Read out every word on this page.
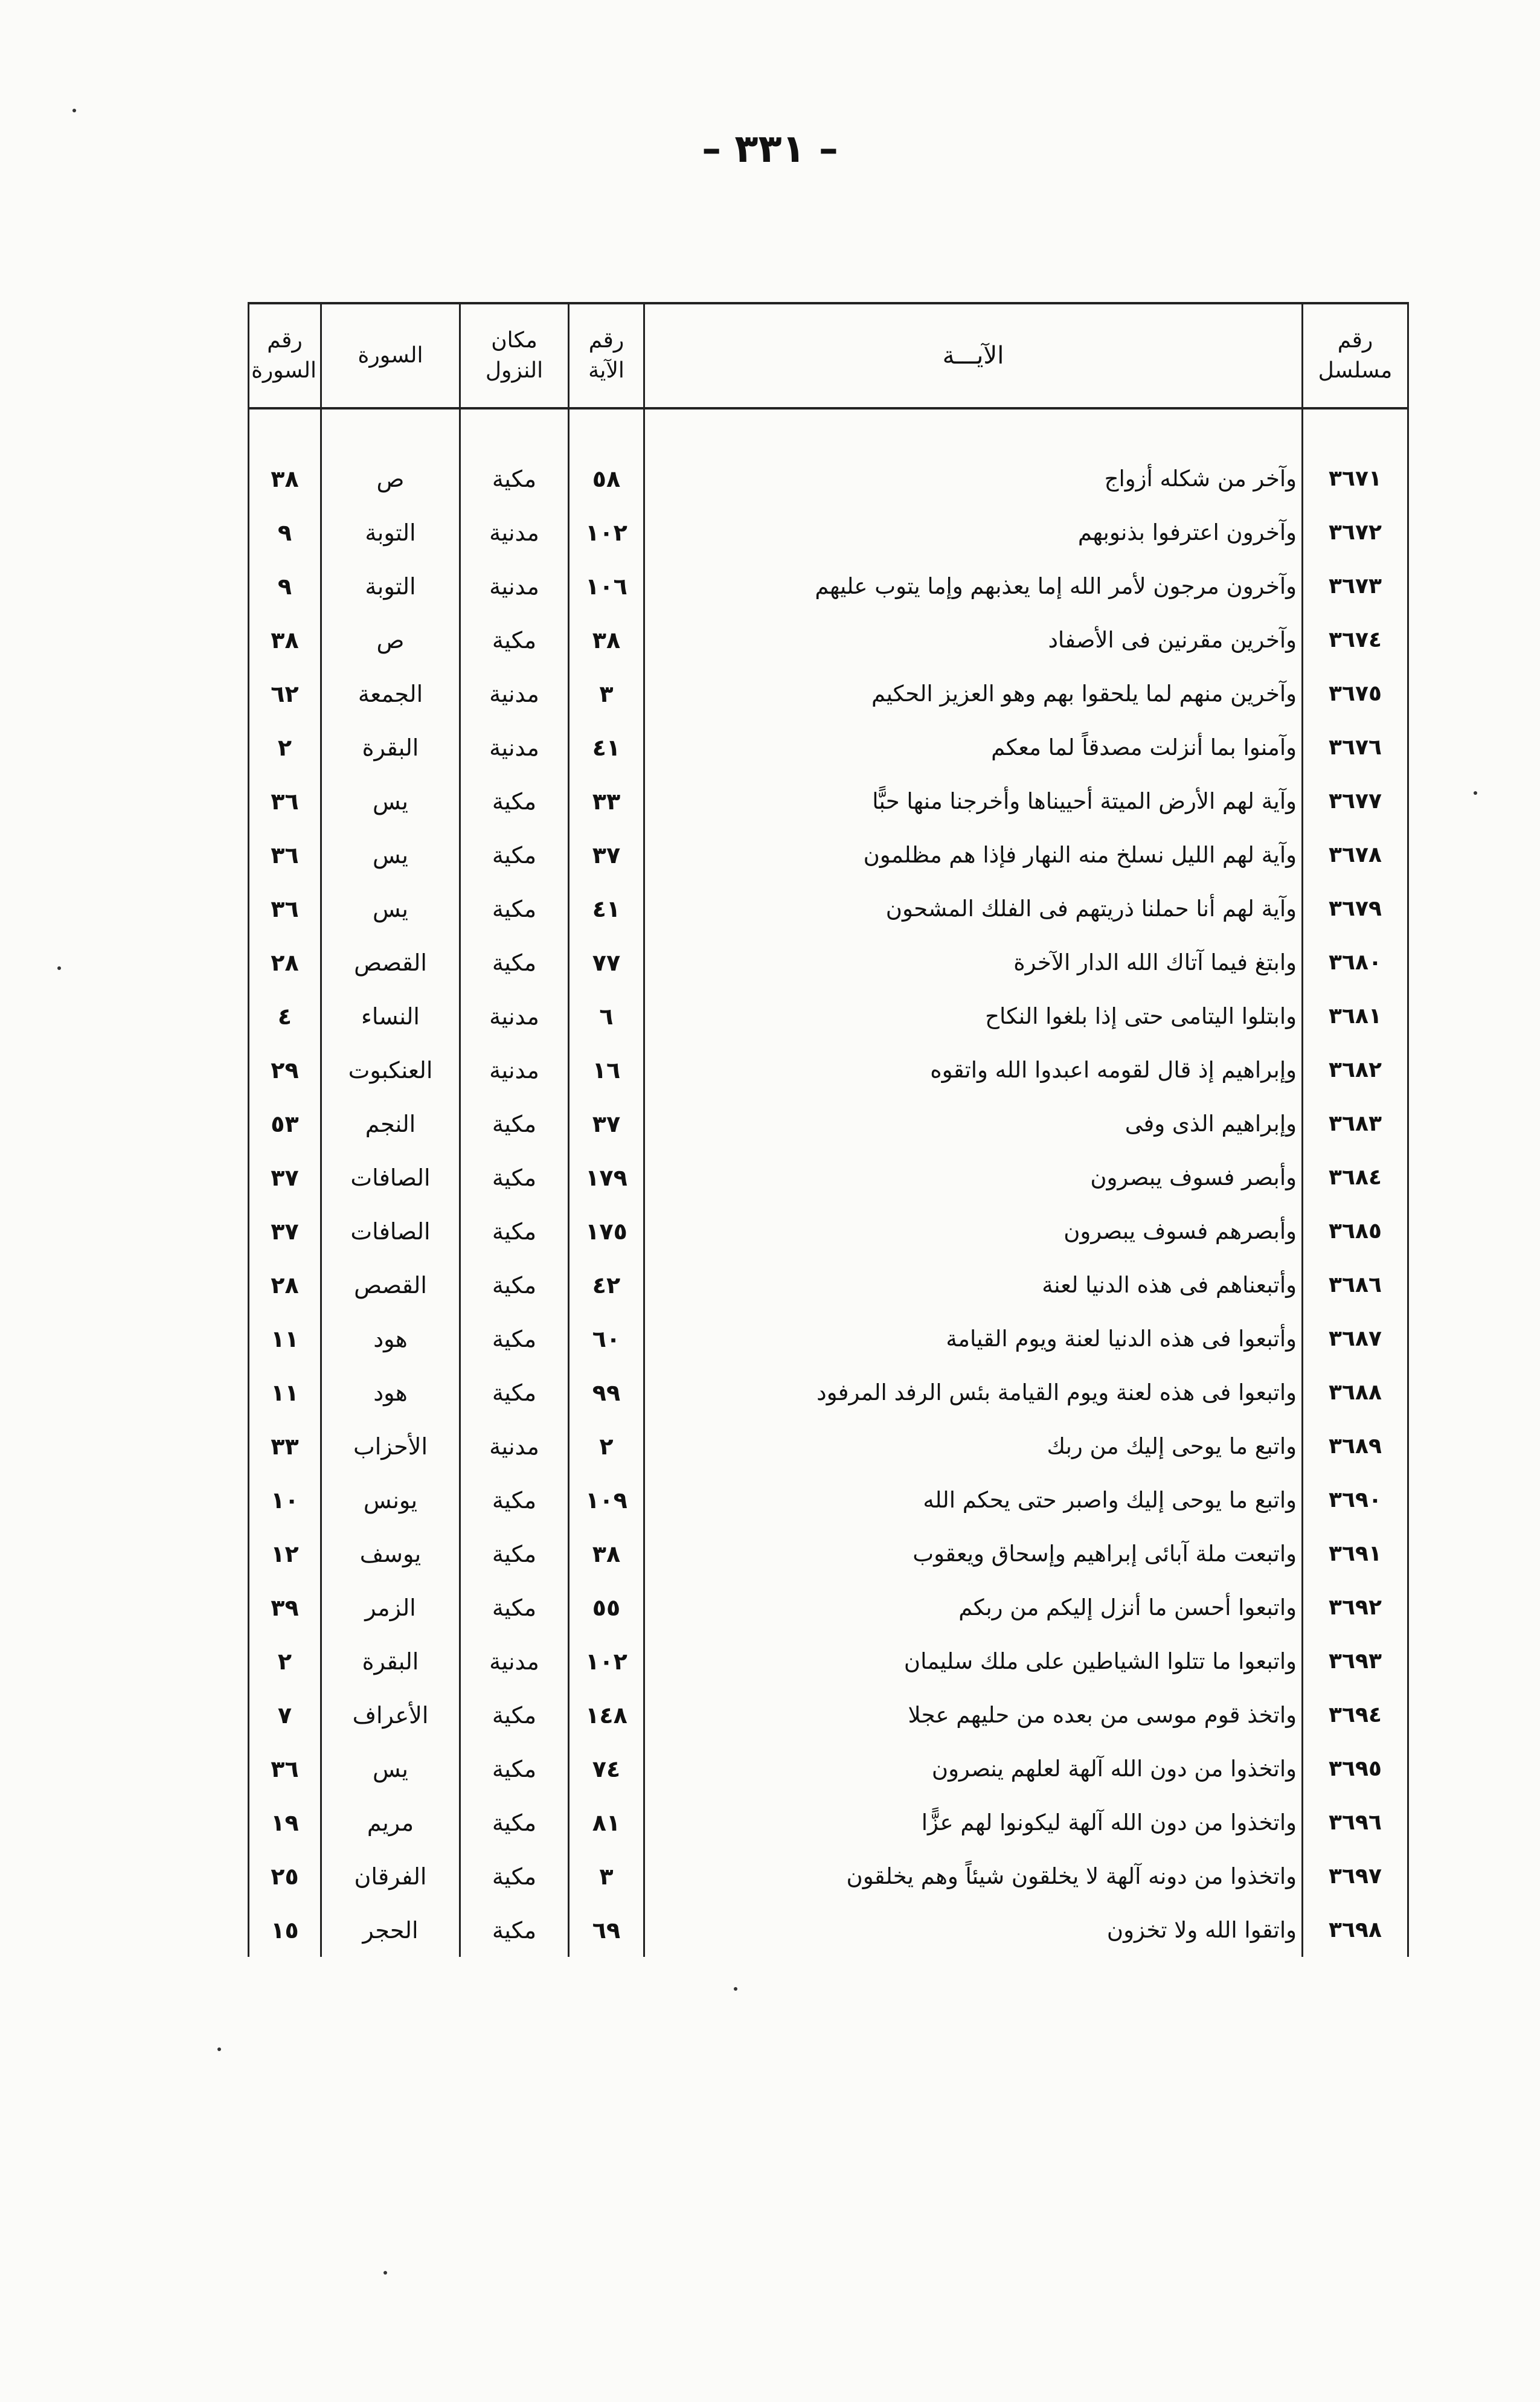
– ٣٣١ –
رقم مسلسل	الآيـــة	رقم الآية	مكان النزول	السورة	رقم السورة

٣٦٧١	وآخر من شكله أزواج	٥٨	مكية	ص	٣٨
٣٦٧٢	وآخرون اعترفوا بذنوبهم	١٠٢	مدنية	التوبة	٩
٣٦٧٣	وآخرون مرجون لأمر الله إما يعذبهم وإما يتوب عليهم	١٠٦	مدنية	التوبة	٩
٣٦٧٤	وآخرين مقرنين فى الأصفاد	٣٨	مكية	ص	٣٨
٣٦٧٥	وآخرين منهم لما يلحقوا بهم وهو العزيز الحكيم	٣	مدنية	الجمعة	٦٢
٣٦٧٦	وآمنوا بما أنزلت مصدقاً لما معكم	٤١	مدنية	البقرة	٢
٣٦٧٧	وآية لهم الأرض الميتة أحييناها وأخرجنا منها حبًّا	٣٣	مكية	يس	٣٦
٣٦٧٨	وآية لهم الليل نسلخ منه النهار فإذا هم مظلمون	٣٧	مكية	يس	٣٦
٣٦٧٩	وآية لهم أنا حملنا ذريتهم فى الفلك المشحون	٤١	مكية	يس	٣٦
٣٦٨٠	وابتغ فيما آتاك الله الدار الآخرة	٧٧	مكية	القصص	٢٨
٣٦٨١	وابتلوا اليتامى حتى إذا بلغوا النكاح	٦	مدنية	النساء	٤
٣٦٨٢	وإبراهيم إذ قال لقومه اعبدوا الله واتقوه	١٦	مدنية	العنكبوت	٢٩
٣٦٨٣	وإبراهيم الذى وفى	٣٧	مكية	النجم	٥٣
٣٦٨٤	وأبصر فسوف يبصرون	١٧٩	مكية	الصافات	٣٧
٣٦٨٥	وأبصرهم فسوف يبصرون	١٧٥	مكية	الصافات	٣٧
٣٦٨٦	وأتبعناهم فى هذه الدنيا لعنة	٤٢	مكية	القصص	٢٨
٣٦٨٧	وأتبعوا فى هذه الدنيا لعنة ويوم القيامة	٦٠	مكية	هود	١١
٣٦٨٨	واتبعوا فى هذه لعنة ويوم القيامة بئس الرفد المرفود	٩٩	مكية	هود	١١
٣٦٨٩	واتبع ما يوحى إليك من ربك	٢	مدنية	الأحزاب	٣٣
٣٦٩٠	واتبع ما يوحى إليك واصبر حتى يحكم الله	١٠٩	مكية	يونس	١٠
٣٦٩١	واتبعت ملة آبائى إبراهيم وإسحاق ويعقوب	٣٨	مكية	يوسف	١٢
٣٦٩٢	واتبعوا أحسن ما أنزل إليكم من ربكم	٥٥	مكية	الزمر	٣٩
٣٦٩٣	واتبعوا ما تتلوا الشياطين على ملك سليمان	١٠٢	مدنية	البقرة	٢
٣٦٩٤	واتخذ قوم موسى من بعده من حليهم عجلا	١٤٨	مكية	الأعراف	٧
٣٦٩٥	واتخذوا من دون الله آلهة لعلهم ينصرون	٧٤	مكية	يس	٣٦
٣٦٩٦	واتخذوا من دون الله آلهة ليكونوا لهم عزًّا	٨١	مكية	مريم	١٩
٣٦٩٧	واتخذوا من دونه آلهة لا يخلقون شيئاً وهم يخلقون	٣	مكية	الفرقان	٢٥
٣٦٩٨	واتقوا الله ولا تخزون	٦٩	مكية	الحجر	١٥
